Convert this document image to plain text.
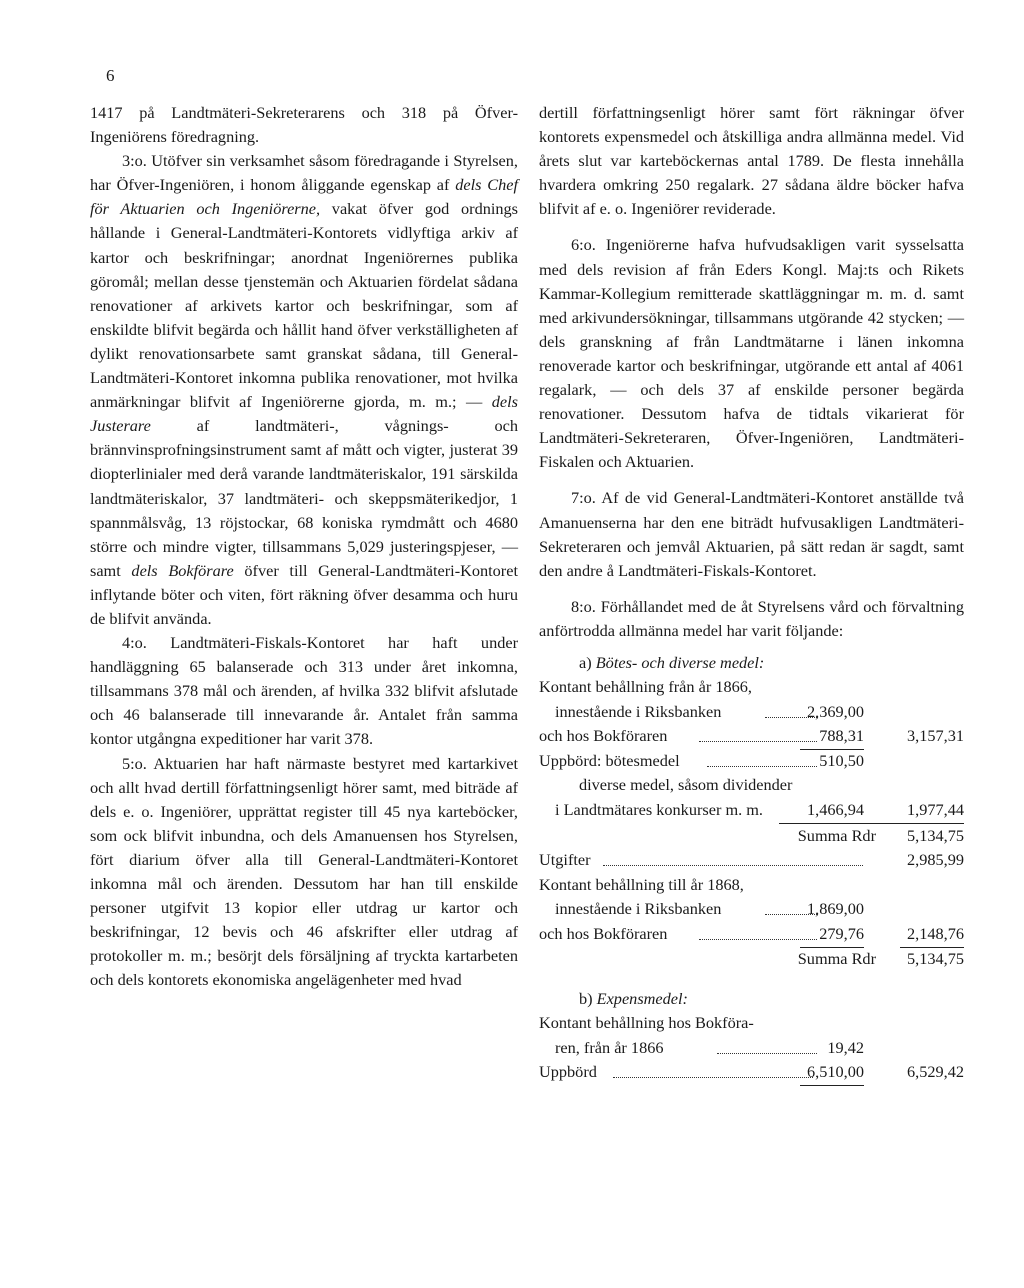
6

1417 på Landtmäteri-Sekreterarens och 318 på Öfver-Ingeniörens föredragning.

3:o. Utöfver sin verksamhet såsom föredragande i Styrelsen, har Öfver-Ingeniören, i honom åliggande egenskap af dels Chef för Aktuarien och Ingeniörerne, vakat öfver god ordnings hållande i General-Landtmäteri-Kontorets vidlyftiga arkiv af kartor och beskrifningar; anordnat Ingeniörernes publika göromål; mellan desse tjenstemän och Aktuarien fördelat sådana renovationer af arkivets kartor och beskrifningar, som af enskildte blifvit begärda och hållit hand öfver verkställigheten af dylikt renovationsarbete samt granskat sådana, till General-Landtmäteri-Kontoret inkomna publika renovationer, mot hvilka anmärkningar blifvit af Ingeniörerne gjorda, m. m.; — dels Justerare af landtmäteri-, vågnings- och brännvinsprofningsinstrument samt af mått och vigter, justerat 39 diopterlinialer med derå varande landtmäteriskalor, 191 särskilda landtmäteriskalor, 37 landtmäteri- och skeppsmäterikedjor, 1 spannmålsvåg, 13 röjstockar, 68 koniska rymdmått och 4680 större och mindre vigter, tillsammans 5,029 justeringspjeser, — samt dels Bokförare öfver till General-Landtmäteri-Kontoret inflytande böter och viten, fört räkning öfver desamma och huru de blifvit använda.

4:o. Landtmäteri-Fiskals-Kontoret har haft under handläggning 65 balanserade och 313 under året inkomna, tillsammans 378 mål och ärenden, af hvilka 332 blifvit afslutade och 46 balanserade till innevarande år. Antalet från samma kontor utgångna expeditioner har varit 378.

5:o. Aktuarien har haft närmaste bestyret med kartarkivet och allt hvad dertill författningsenligt hörer samt, med biträde af dels e. o. Ingeniörer, upprättat register till 45 nya karteböcker, som ock blifvit inbundna, och dels Amanuensen hos Styrelsen, fört diarium öfver alla till General-Landtmäteri-Kontoret inkomna mål och ärenden. Dessutom har han till enskilde personer utgifvit 13 kopior eller utdrag ur kartor och beskrifningar, 12 bevis och 46 afskrifter eller utdrag af protokoller m. m.; besörjt dels försäljning af tryckta kartarbeten och dels kontorets ekonomiska angelägenheter med hvad

dertill författningsenligt hörer samt fört räkningar öfver kontorets expensmedel och åtskilliga andra allmänna medel. Vid årets slut var karteböckernas antal 1789. De flesta innehålla hvardera omkring 250 regalark. 27 sådana äldre böcker hafva blifvit af e. o. Ingeniörer reviderade.

6:o. Ingeniörerne hafva hufvudsakligen varit sysselsatta med dels revision af från Eders Kongl. Maj:ts och Rikets Kammar-Kollegium remitterade skattläggningar m. m. d. samt med arkivundersökningar, tillsammans utgörande 42 stycken; — dels granskning af från Landtmätarne i länen inkomna renoverade kartor och beskrifningar, utgörande ett antal af 4061 regalark, — och dels 37 af enskilde personer begärda renovationer. Dessutom hafva de tidtals vikarierat för Landtmäteri-Sekreteraren, Öfver-Ingeniören, Landtmäteri-Fiskalen och Aktuarien.

7:o. Af de vid General-Landtmäteri-Kontoret anställde två Amanuenserna har den ene biträdt hufvusakligen Landtmäteri-Sekreteraren och jemvål Aktuarien, på sätt redan är sagdt, samt den andre å Landtmäteri-Fiskals-Kontoret.

8:o. Förhållandet med de åt Styrelsens vård och förvaltning anförtrodda allmänna medel har varit följande:

a) Bötes- och diverse medel:
Kontant behållning från år 1866,
innestående i Riksbanken	2,369,00
och hos Bokföraren	788,31	3,157,31
Uppbörd: bötesmedel	510,50
diverse medel, såsom dividender
i Landtmätares konkurser m. m.	1,466,94	1,977,44
Summa Rdr 5,134,75
Utgifter	2,985,99
Kontant behållning till år 1868,
innestående i Riksbanken	1,869,00
och hos Bokföraren	279,76	2,148,76
Summa Rdr 5,134,75
b) Expensmedel:
Kontant behållning hos Bokföra-
ren, från år 1866	19,42
Uppbörd	6,510,00	6,529,42
